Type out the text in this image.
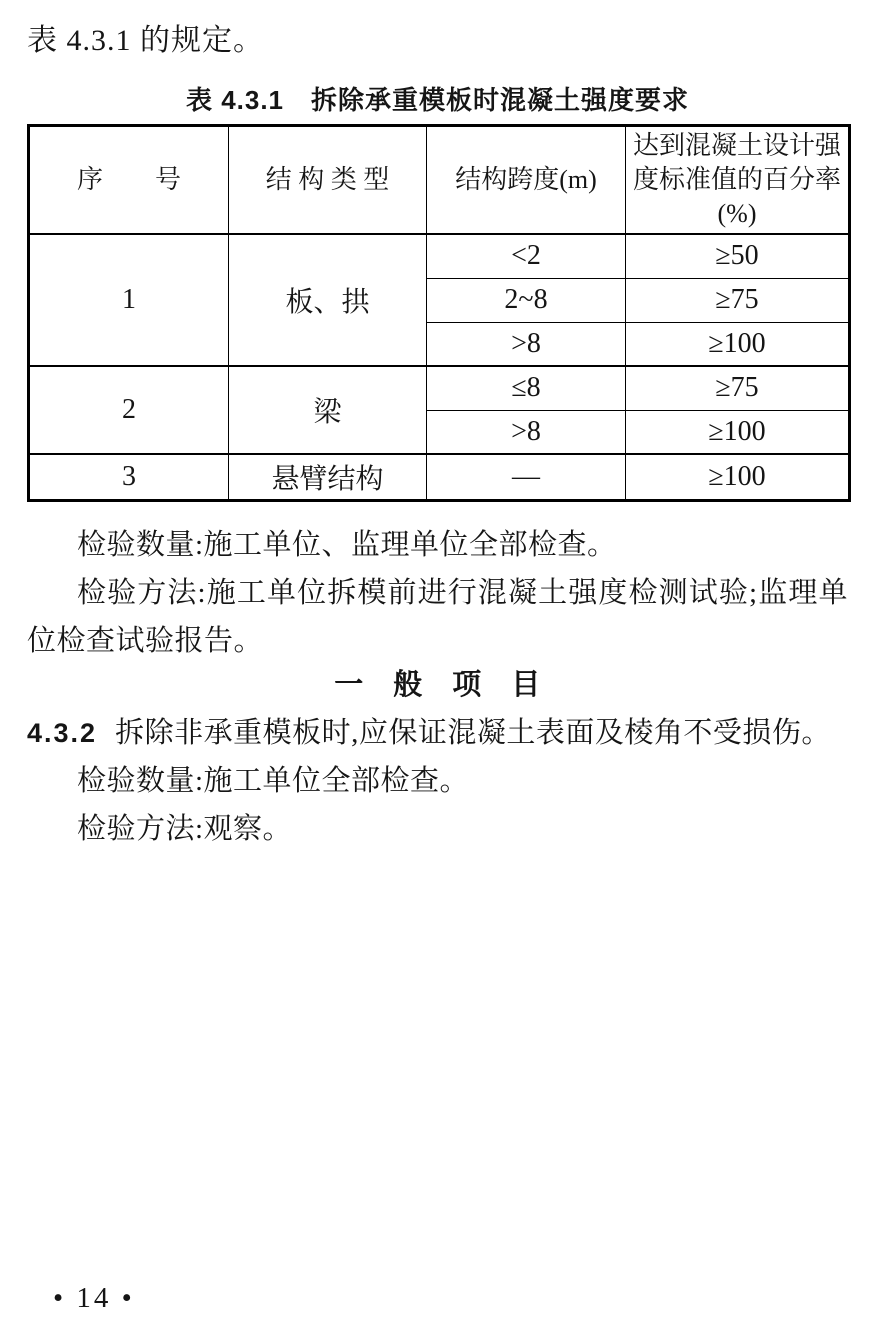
表 4.3.1 的规定。
表 4.3.1　拆除承重模板时混凝土强度要求
序　　号	结 构 类 型	结构跨度(m)	达到混凝土设计强度标准值的百分率(%)
1	板、拱	<2	≥50
		2~8	≥75
		>8	≥100
2	梁	≤8	≥75
		>8	≥100
3	悬臂结构	—	≥100

检验数量:施工单位、监理单位全部检查。

检验方法:施工单位拆模前进行混凝土强度检测试验;监理单位检查试验报告。

一　般　项　目

4.3.2 拆除非承重模板时,应保证混凝土表面及棱角不受损伤。

检验数量:施工单位全部检查。

检验方法:观察。

• 14 •
